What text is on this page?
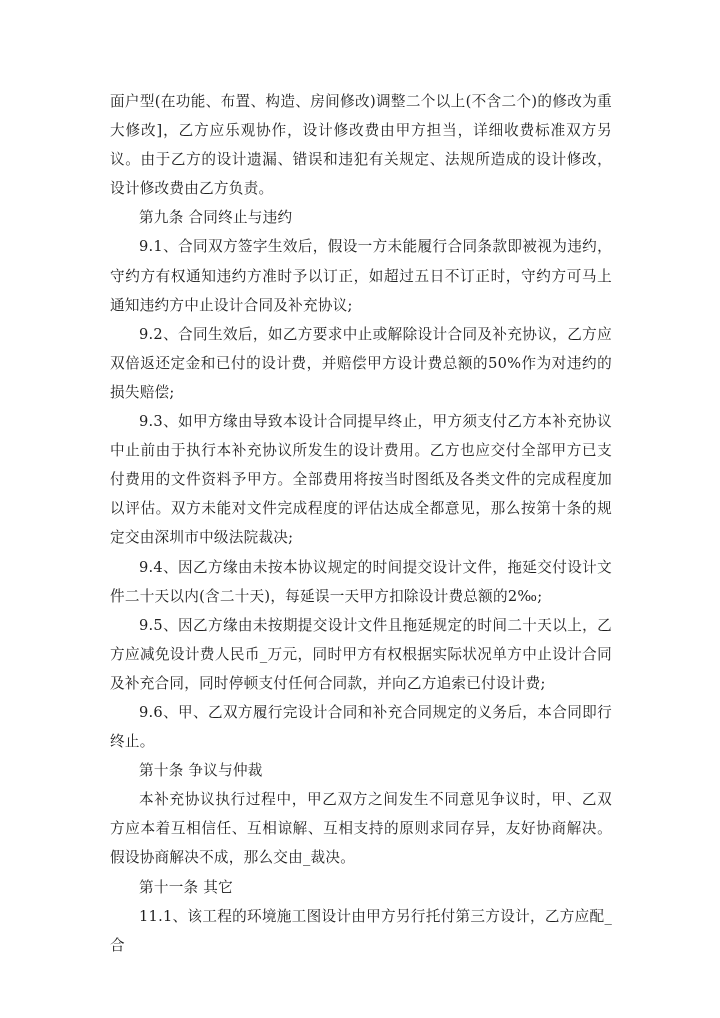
面户型(在功能、布置、构造、房间修改)调整二个以上(不含二个)的修改为重大修改]，乙方应乐观协作，设计修改费由甲方担当，详细收费标准双方另议。由于乙方的设计遗漏、错误和违犯有关规定、法规所造成的设计修改，设计修改费由乙方负责。

第九条 合同终止与违约

9.1、合同双方签字生效后，假设一方未能履行合同条款即被视为违约，守约方有权通知违约方准时予以订正，如超过五日不订正时，守约方可马上通知违约方中止设计合同及补充协议;

9.2、合同生效后，如乙方要求中止或解除设计合同及补充协议，乙方应双倍返还定金和已付的设计费，并赔偿甲方设计费总额的50%作为对违约的损失赔偿;

9.3、如甲方缘由导致本设计合同提早终止，甲方须支付乙方本补充协议中止前由于执行本补充协议所发生的设计费用。乙方也应交付全部甲方已支付费用的文件资料予甲方。全部费用将按当时图纸及各类文件的完成程度加以评估。双方未能对文件完成程度的评估达成全都意见，那么按第十条的规定交由深圳市中级法院裁决;

9.4、因乙方缘由未按本协议规定的时间提交设计文件，拖延交付设计文件二十天以内(含二十天)，每延误一天甲方扣除设计费总额的2‰;

9.5、因乙方缘由未按期提交设计文件且拖延规定的时间二十天以上，乙方应减免设计费人民币_万元，同时甲方有权根据实际状况单方中止设计合同及补充合同，同时停顿支付任何合同款，并向乙方追索已付设计费;

9.6、甲、乙双方履行完设计合同和补充合同规定的义务后，本合同即行终止。

第十条 争议与仲裁

本补充协议执行过程中，甲乙双方之间发生不同意见争议时，甲、乙双方应本着互相信任、互相谅解、互相支持的原则求同存异，友好协商解决。假设协商解决不成，那么交由_裁决。

第十一条 其它

11.1、该工程的环境施工图设计由甲方另行托付第三方设计，乙方应配_合
